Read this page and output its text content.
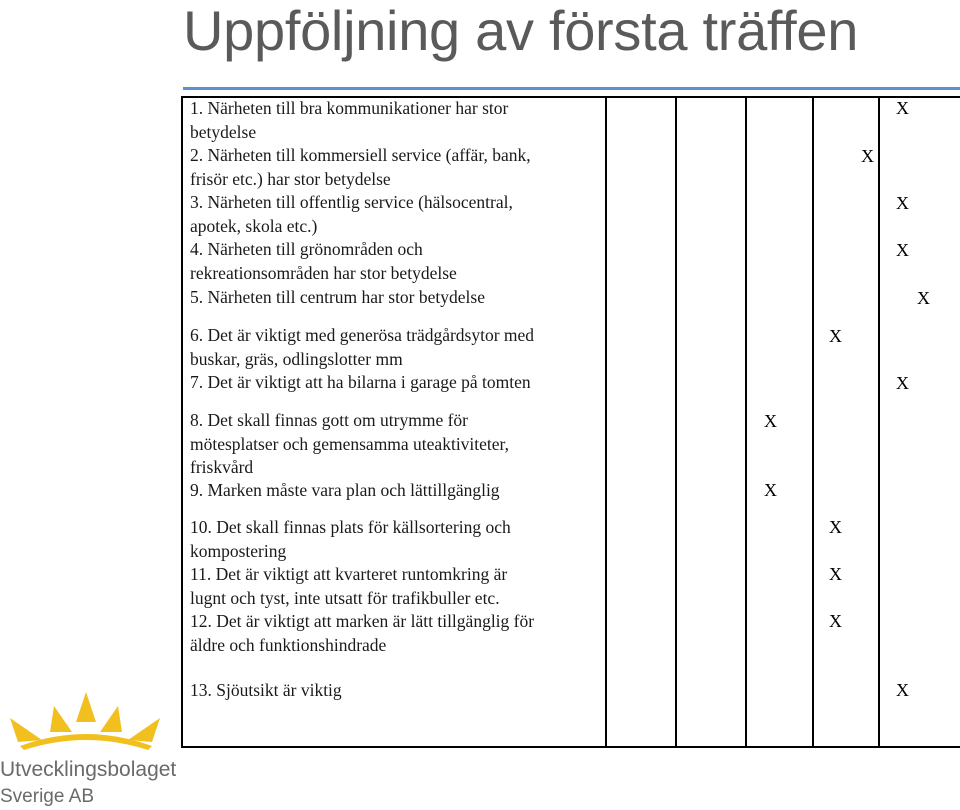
Uppföljning av första träffen

1. Närheten till bra kommunikationer har stor
betydelse

2. Närheten till kommersiell service (affär, bank,
frisör etc.) har stor betydelse

3. Närheten till offentlig service (hälsocentral,
apotek, skola etc.)

4. Närheten till grönområden och
rekreationsområden har stor betydelse

5. Närheten till centrum har stor betydelse

6. Det är viktigt med generösa trädgårdsytor med
buskar, gräs, odlingslotter mm

7. Det är viktigt att ha bilarna i garage på tomten

8. Det skall finnas gott om utrymme för
mötesplatser och gemensamma uteaktiviteter,
friskvård

9. Marken måste vara plan och lättillgänglig

10. Det skall finnas plats för källsortering och
kompostering

11. Det är viktigt att kvarteret runtomkring är
lugnt och tyst, inte utsatt för trafikbuller etc.

12. Det är viktigt att marken är lätt tillgänglig för
äldre och funktionshindrade

13. Sjöutsikt är viktig

X
X
X
X
X
X
X
X
X
X
X
X
X

Utvecklingsbolaget

Sverige AB
